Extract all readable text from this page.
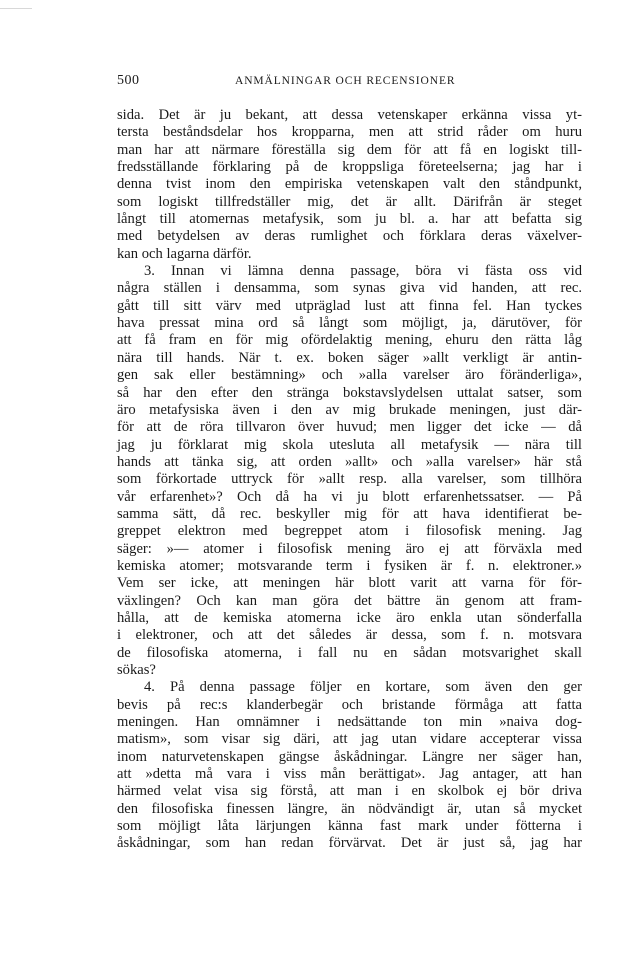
500	ANMÄLNINGAR OCH RECENSIONER
sida. Det är ju bekant, att dessa vetenskaper erkänna vissa yt-
tersta beståndsdelar hos kropparna, men att strid råder om huru
man har att närmare föreställa sig dem för att få en logiskt till-
fredsställande förklaring på de kroppsliga företeelserna; jag har i
denna tvist inom den empiriska vetenskapen valt den ståndpunkt,
som logiskt tillfredställer mig, det är allt. Därifrån är steget
långt till atomernas metafysik, som ju bl. a. har att befatta sig
med betydelsen av deras rumlighet och förklara deras växelver-
kan och lagarna därför.
3. Innan vi lämna denna passage, böra vi fästa oss vid
några ställen i densamma, som synas giva vid handen, att rec.
gått till sitt värv med utpräglad lust att finna fel. Han tyckes
hava pressat mina ord så långt som möjligt, ja, därutöver, för
att få fram en för mig ofördelaktig mening, ehuru den rätta låg
nära till hands. När t. ex. boken säger »allt verkligt är antin-
gen sak eller bestämning» och »alla varelser äro föränderliga»,
så har den efter den stränga bokstavslydelsen uttalat satser, som
äro metafysiska även i den av mig brukade meningen, just där-
för att de röra tillvaron över huvud; men ligger det icke — då
jag ju förklarat mig skola utesluta all metafysik — nära till
hands att tänka sig, att orden »allt» och »alla varelser» här stå
som förkortade uttryck för »allt resp. alla varelser, som tillhöra
vår erfarenhet»? Och då ha vi ju blott erfarenhetssatser. — På
samma sätt, då rec. beskyller mig för att hava identifierat be-
greppet elektron med begreppet atom i filosofisk mening. Jag
säger: »— atomer i filosofisk mening äro ej att förväxla med
kemiska atomer; motsvarande term i fysiken är f. n. elektroner.»
Vem ser icke, att meningen här blott varit att varna för för-
växlingen? Och kan man göra det bättre än genom att fram-
hålla, att de kemiska atomerna icke äro enkla utan sönderfalla
i elektroner, och att det således är dessa, som f. n. motsvara
de filosofiska atomerna, i fall nu en sådan motsvarighet skall
sökas?
4. På denna passage följer en kortare, som även den ger
bevis på rec:s klanderbegär och bristande förmåga att fatta
meningen. Han omnämner i nedsättande ton min »naiva dog-
matism», som visar sig däri, att jag utan vidare accepterar vissa
inom naturvetenskapen gängse åskådningar. Längre ner säger han,
att »detta må vara i viss mån berättigat». Jag antager, att han
härmed velat visa sig förstå, att man i en skolbok ej bör driva
den filosofiska finessen längre, än nödvändigt är, utan så mycket
som möjligt låta lärjungen känna fast mark under fötterna i
åskådningar, som han redan förvärvat. Det är just så, jag har
